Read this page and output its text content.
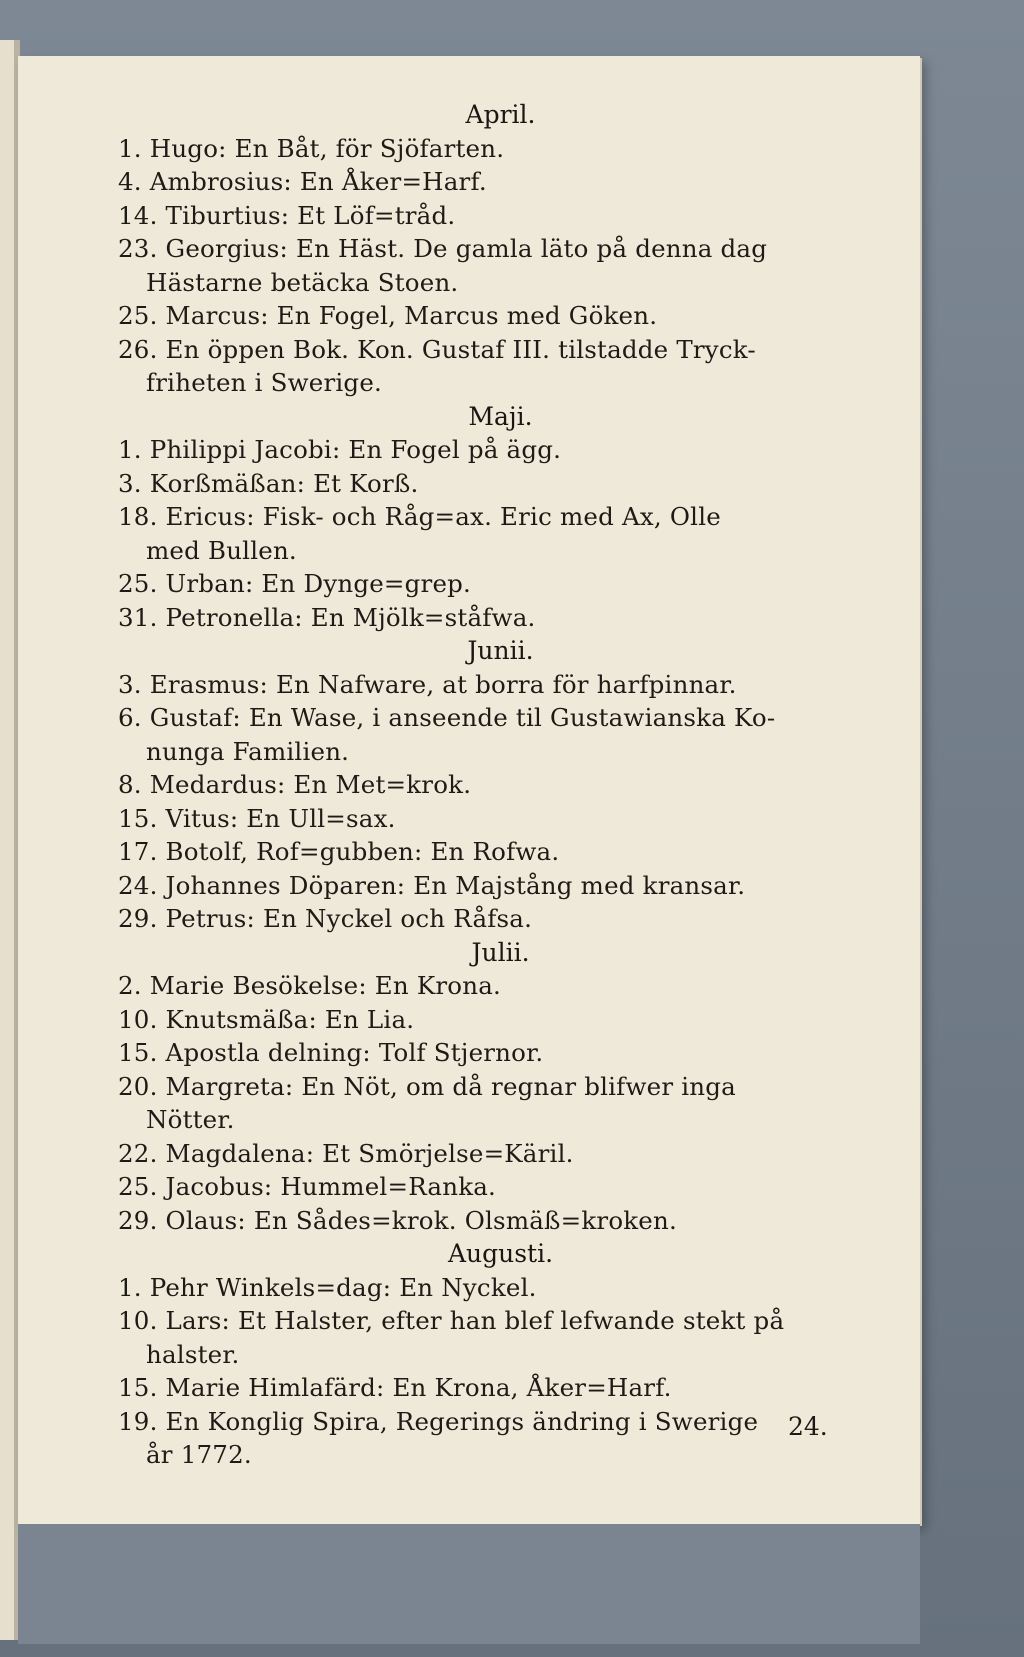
April.
1. Hugo: En Båt, för Sjöfarten.
4. Ambrosius: En Åker=Harf.
14. Tiburtius: Et Löf=tråd.
23. Georgius: En Häst. De gamla läto på denna dag
Hästarne betäcka Stoen.
25. Marcus: En Fogel, Marcus med Göken.
26. En öppen Bok. Kon. Gustaf III. tilstadde Tryck-
friheten i Swerige.
Maji.
1. Philippi Jacobi: En Fogel på ägg.
3. Korßmäßan: Et Korß.
18. Ericus: Fisk- och Råg=ax. Eric med Ax, Olle
med Bullen.
25. Urban: En Dynge=grep.
31. Petronella: En Mjölk=ståfwa.
Junii.
3. Erasmus: En Nafware, at borra för harfpinnar.
6. Gustaf: En Wase, i anseende til Gustawianska Ko-
nunga Familien.
8. Medardus: En Met=krok.
15. Vitus: En Ull=sax.
17. Botolf, Rof=gubben: En Rofwa.
24. Johannes Döparen: En Majstång med kransar.
29. Petrus: En Nyckel och Råfsa.
Julii.
2. Marie Besökelse: En Krona.
10. Knutsmäßa: En Lia.
15. Apostla delning: Tolf Stjernor.
20. Margreta: En Nöt, om då regnar blifwer inga
Nötter.
22. Magdalena: Et Smörjelse=Käril.
25. Jacobus: Hummel=Ranka.
29. Olaus: En Sådes=krok. Olsmäß=kroken.
Augusti.
1. Pehr Winkels=dag: En Nyckel.
10. Lars: Et Halster, efter han blef lefwande stekt på
halster.
15. Marie Himlafärd: En Krona, Åker=Harf.
19. En Konglig Spira, Regerings ändring i Swerige
år 1772.
24.
